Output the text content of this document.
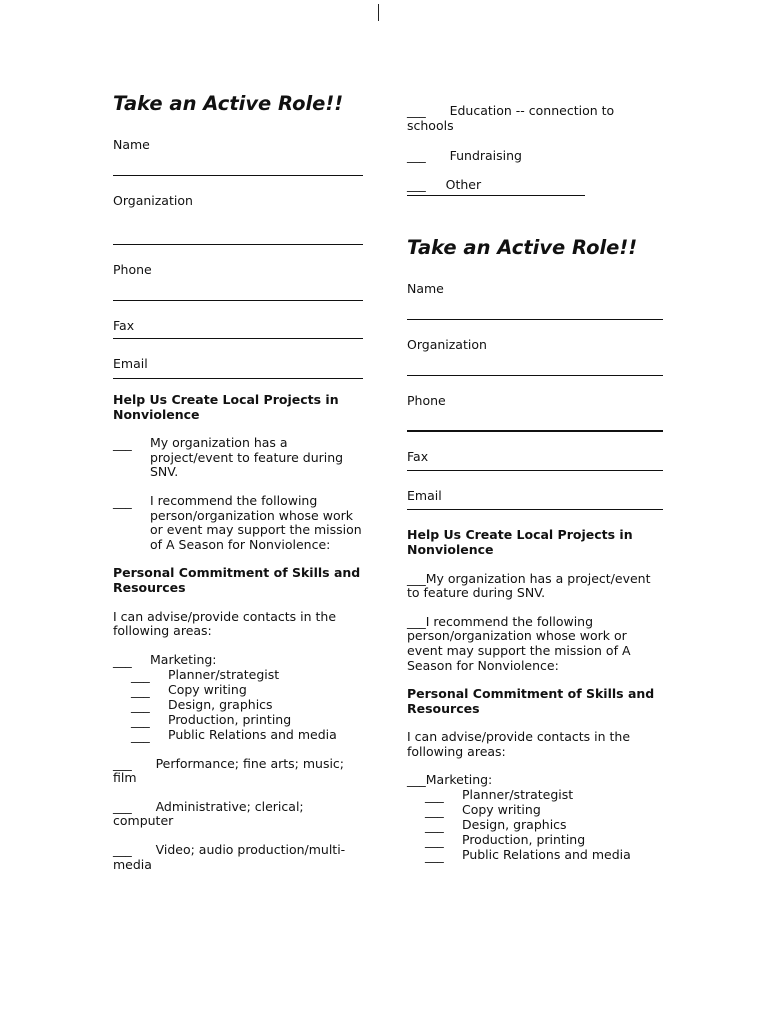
Take an Active Role!!

Name

Organization

Phone

Fax

Email

Help Us Create Local Projects in Nonviolence

___	My organization has a project/event to feature during SNV.
___	I recommend the following person/organization whose work or event may support the mission of A Season for Nonviolence:

Personal Commitment of Skills and Resources

I can advise/provide contacts in the following areas:

___	Marketing:
___	Planner/strategist
___	Copy writing
___	Design, graphics
___	Production, printing
___	Public Relations and media

___      Performance; fine arts; music;

film

___      Administrative; clerical;

computer

___      Video; audio production/multi-

media

___      Education -- connection to

schools

___      Fundraising

___     Other

Take an Active Role!!

Name

Organization

Phone

Fax

Email

Help Us Create Local Projects in Nonviolence

___My organization has a project/event to feature during SNV.

___I recommend the following person/organization whose work or event may support the mission of A Season for Nonviolence:

Personal Commitment of Skills and Resources

I can advise/provide contacts in the following areas:

___Marketing:

___	Planner/strategist
___	Copy writing
___	Design, graphics
___	Production, printing
___	Public Relations and media
